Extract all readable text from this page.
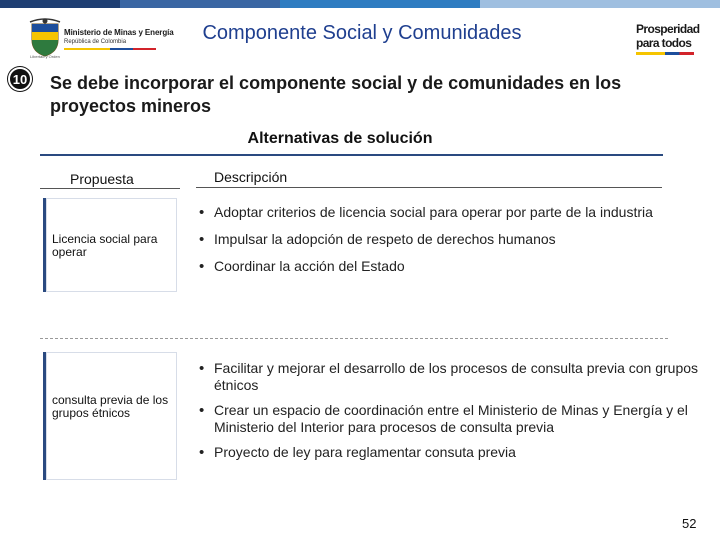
Ministerio de Minas y Energía
República de Colombia
Libertad y Orden
Componente Social y Comunidades	Prosperidad
para todos
10 Se debe incorporar el componente social y de comunidades en los proyectos mineros
Alternativas de solución
Propuesta	Descripción
Licencia social para operar
• Adoptar criterios de licencia social para operar por parte de la industria
• Impulsar la adopción de respeto de derechos humanos
• Coordinar la acción del Estado
consulta previa de los grupos étnicos
• Facilitar y mejorar el desarrollo de los procesos de consulta previa con grupos étnicos
• Crear un espacio de coordinación entre el Ministerio de Minas y Energía y el Ministerio del Interior para procesos de consulta previa
• Proyecto de ley para reglamentar consuta previa
52
